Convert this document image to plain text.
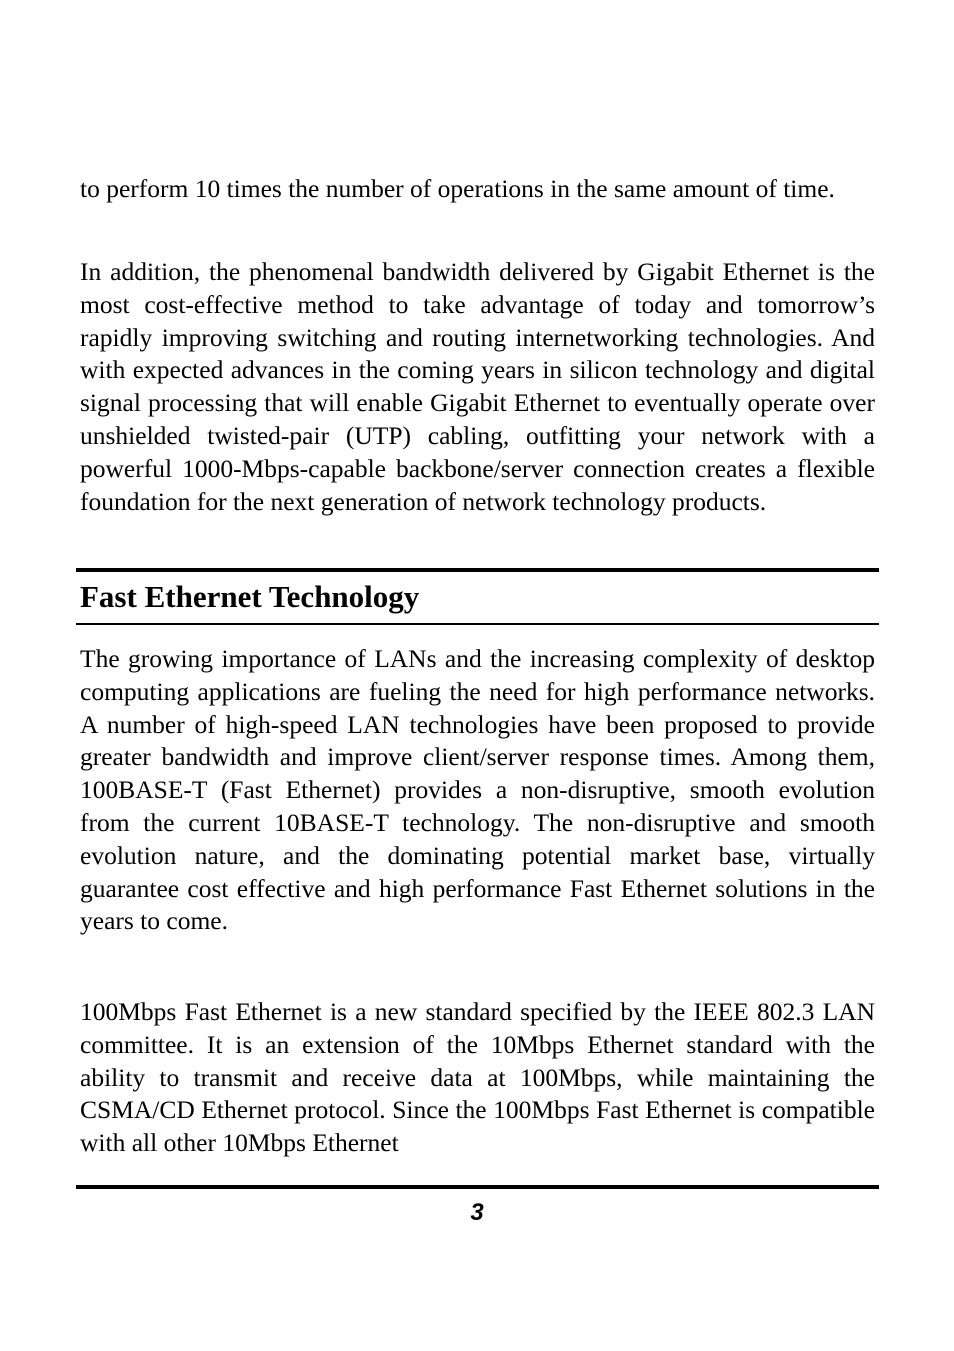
to perform 10 times the number of operations in the same amount of time.

In addition, the phenomenal bandwidth delivered by Gigabit Ethernet is the most cost-effective method to take advantage of today and tomorrow’s rapidly improving switching and routing internetworking technologies. And with expected advances in the coming years in silicon technology and digital signal processing that will enable Gigabit Ethernet to eventually operate over unshielded twisted-pair (UTP) cabling, outfitting your network with a powerful 1000-Mbps-capable backbone/server connection creates a flexible foundation for the next generation of network technology products.

Fast Ethernet Technology

The growing importance of LANs and the increasing complexity of desktop computing applications are fueling the need for high performance networks. A number of high-speed LAN technologies have been proposed to provide greater bandwidth and improve client/server response times. Among them, 100BASE-T (Fast Ethernet) provides a non-disruptive, smooth evolution from the current 10BASE-T technology. The non-disruptive and smooth evolution nature, and the dominating potential market base, virtually guarantee cost effective and high performance Fast Ethernet solutions in the years to come.

100Mbps Fast Ethernet is a new standard specified by the IEEE 802.3 LAN committee. It is an extension of the 10Mbps Ethernet standard with the ability to transmit and receive data at 100Mbps, while maintaining the CSMA/CD Ethernet protocol. Since the 100Mbps Fast Ethernet is compatible with all other 10Mbps Ethernet

3
